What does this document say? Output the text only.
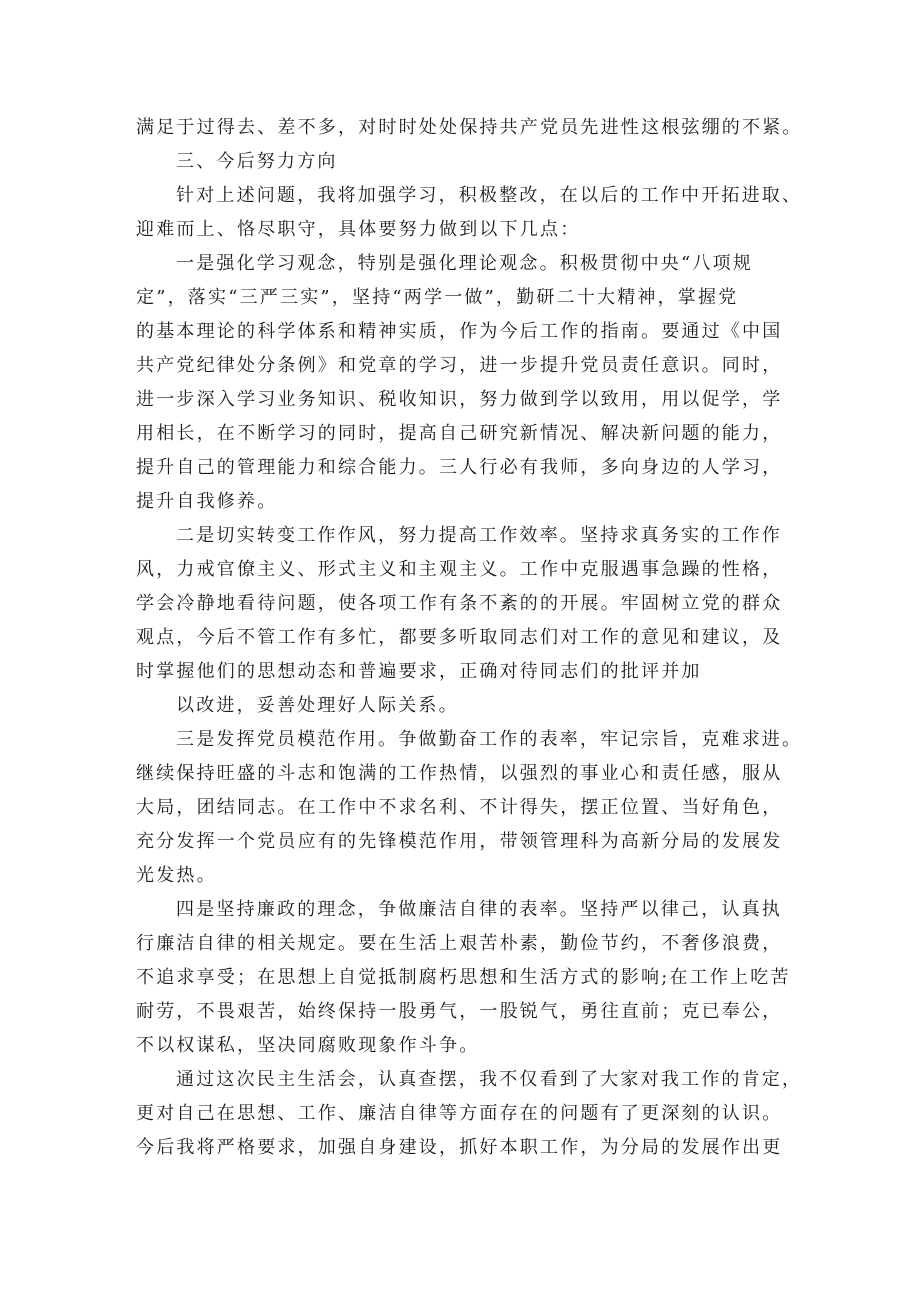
满足于过得去、差不多，对时时处处保持共产党员先进性这根弦绷的不紧。
三、今后努力方向
针对上述问题，我将加强学习，积极整改，在以后的工作中开拓进取、
迎难而上、恪尽职守，具体要努力做到以下几点：
一是强化学习观念，特别是强化理论观念。积极贯彻中央“八项规
定”，落实“三严三实”，坚持“两学一做”，勤研二十大精神，掌握党
的基本理论的科学体系和精神实质，作为今后工作的指南。要通过《中国
共产党纪律处分条例》和党章的学习，进一步提升党员责任意识。同时，
进一步深入学习业务知识、税收知识，努力做到学以致用，用以促学，学
用相长，在不断学习的同时，提高自己研究新情况、解决新问题的能力，
提升自己的管理能力和综合能力。三人行必有我师，多向身边的人学习，
提升自我修养。
二是切实转变工作作风，努力提高工作效率。坚持求真务实的工作作
风，力戒官僚主义、形式主义和主观主义。工作中克服遇事急躁的性格，
学会冷静地看待问题，使各项工作有条不紊的的开展。牢固树立党的群众
观点，今后不管工作有多忙，都要多听取同志们对工作的意见和建议，及
时掌握他们的思想动态和普遍要求，正确对待同志们的批评并加
以改进，妥善处理好人际关系。
三是发挥党员模范作用。争做勤奋工作的表率，牢记宗旨，克难求进。
继续保持旺盛的斗志和饱满的工作热情，以强烈的事业心和责任感，服从
大局，团结同志。在工作中不求名利、不计得失，摆正位置、当好角色，
充分发挥一个党员应有的先锋模范作用，带领管理科为高新分局的发展发
光发热。
四是坚持廉政的理念，争做廉洁自律的表率。坚持严以律己，认真执
行廉洁自律的相关规定。要在生活上艰苦朴素，勤俭节约，不奢侈浪费，
不追求享受；在思想上自觉抵制腐朽思想和生活方式的影响;在工作上吃苦
耐劳，不畏艰苦，始终保持一股勇气，一股锐气，勇往直前；克已奉公，
不以权谋私，坚决同腐败现象作斗争。
通过这次民主生活会，认真查摆，我不仅看到了大家对我工作的肯定，
更对自己在思想、工作、廉洁自律等方面存在的问题有了更深刻的认识。
今后我将严格要求，加强自身建设，抓好本职工作，为分局的发展作出更
